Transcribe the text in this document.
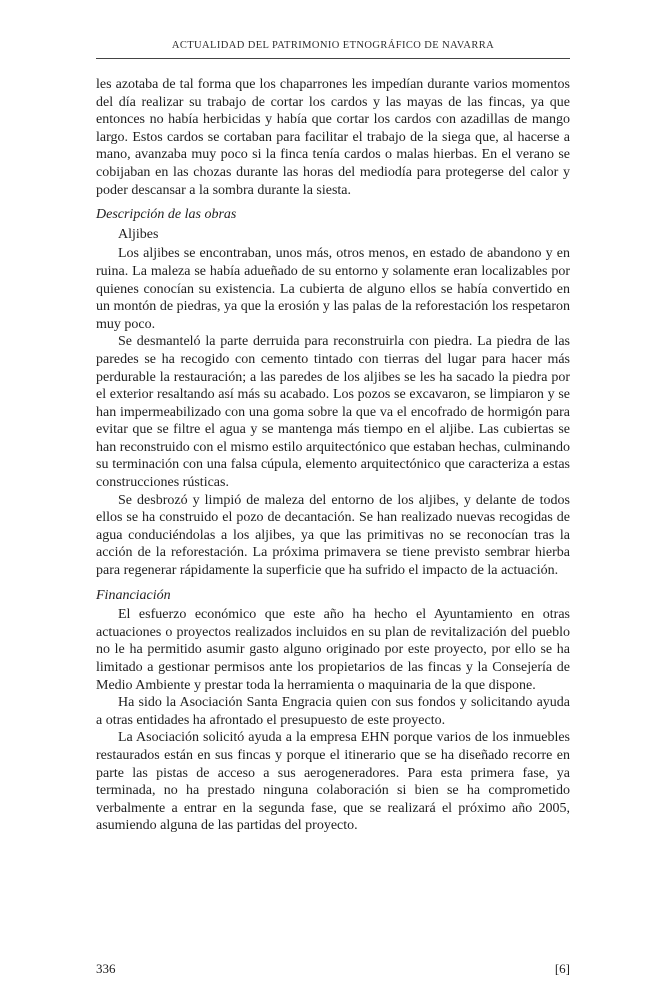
ACTUALIDAD DEL PATRIMONIO ETNOGRÁFICO DE NAVARRA

les azotaba de tal forma que los chaparrones les impedían durante varios momentos del día realizar su trabajo de cortar los cardos y las mayas de las fincas, ya que entonces no había herbicidas y había que cortar los cardos con azadillas de mango largo. Estos cardos se cortaban para facilitar el trabajo de la siega que, al hacerse a mano, avanzaba muy poco si la finca tenía cardos o malas hierbas. En el verano se cobijaban en las chozas durante las horas del mediodía para protegerse del calor y poder descansar a la sombra durante la siesta.

Descripción de las obras
Aljibes

Los aljibes se encontraban, unos más, otros menos, en estado de abandono y en ruina. La maleza se había adueñado de su entorno y solamente eran localizables por quienes conocían su existencia. La cubierta de alguno ellos se había convertido en un montón de piedras, ya que la erosión y las palas de la reforestación los respetaron muy poco.

Se desmanteló la parte derruida para reconstruirla con piedra. La piedra de las paredes se ha recogido con cemento tintado con tierras del lugar para hacer más perdurable la restauración; a las paredes de los aljibes se les ha sacado la piedra por el exterior resaltando así más su acabado. Los pozos se excavaron, se limpiaron y se han impermeabilizado con una goma sobre la que va el encofrado de hormigón para evitar que se filtre el agua y se mantenga más tiempo en el aljibe. Las cubiertas se han reconstruido con el mismo estilo arquitectónico que estaban hechas, culminando su terminación con una falsa cúpula, elemento arquitectónico que caracteriza a estas construcciones rústicas.

Se desbrozó y limpió de maleza del entorno de los aljibes, y delante de todos ellos se ha construido el pozo de decantación. Se han realizado nuevas recogidas de agua conduciéndolas a los aljibes, ya que las primitivas no se reconocían tras la acción de la reforestación. La próxima primavera se tiene previsto sembrar hierba para regenerar rápidamente la superficie que ha sufrido el impacto de la actuación.

Financiación

El esfuerzo económico que este año ha hecho el Ayuntamiento en otras actuaciones o proyectos realizados incluidos en su plan de revitalización del pueblo no le ha permitido asumir gasto alguno originado por este proyecto, por ello se ha limitado a gestionar permisos ante los propietarios de las fincas y la Consejería de Medio Ambiente y prestar toda la herramienta o maquinaria de la que dispone.

Ha sido la Asociación Santa Engracia quien con sus fondos y solicitando ayuda a otras entidades ha afrontado el presupuesto de este proyecto.

La Asociación solicitó ayuda a la empresa EHN porque varios de los inmuebles restaurados están en sus fincas y porque el itinerario que se ha diseñado recorre en parte las pistas de acceso a sus aerogeneradores. Para esta primera fase, ya terminada, no ha prestado ninguna colaboración si bien se ha comprometido verbalmente a entrar en la segunda fase, que se realizará el próximo año 2005, asumiendo alguna de las partidas del proyecto.

336	[6]
